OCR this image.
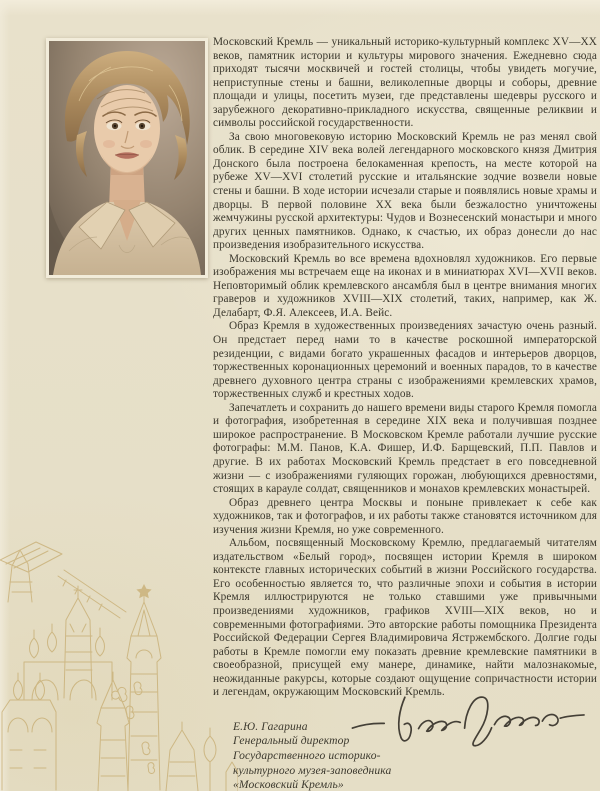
Московский Кремль — уникальный историко-культурный комплекс XV—XX веков, памятник истории и культуры мирового значения. Ежедневно сюда приходят тысячи москвичей и гостей столицы, чтобы увидеть могучие, неприступные стены и башни, великолепные дворцы и соборы, древние площади и улицы, посетить музеи, где представлены шедевры русского и зарубежного декоративно-прикладного искусства, священные реликвии и символы российской государственности.

За свою многовековую историю Московский Кремль не раз менял свой облик. В середине XIV века волей легендарного московского князя Дмитрия Донского была построена белокаменная крепость, на месте которой на рубеже XV—XVI столетий русские и итальянские зодчие возвели новые стены и башни. В ходе истории исчезали старые и появлялись новые храмы и дворцы. В первой половине XX века были безжалостно уничтожены жемчужины русской архитектуры: Чудов и Вознесенский монастыри и много других ценных памятников. Однако, к счастью, их образ донесли до нас произведения изобразительного искусства.

Московский Кремль во все времена вдохновлял художников. Его первые изображения мы встречаем еще на иконах и в миниатюрах XVI—XVII веков. Неповторимый облик кремлевского ансамбля был в центре внимания многих граверов и художников XVIII—XIX столетий, таких, например, как Ж. Делабарт, Ф.Я. Алексеев, И.А. Вейс.

Образ Кремля в художественных произведениях зачастую очень разный. Он предстает перед нами то в качестве роскошной императорской резиденции, с видами богато украшенных фасадов и интерьеров дворцов, торжественных коронационных церемоний и военных парадов, то в качестве древнего духовного центра страны с изображениями кремлевских храмов, торжественных служб и крестных ходов.

Запечатлеть и сохранить до нашего времени виды старого Кремля помогла и фотография, изобретенная в середине XIX века и получившая позднее широкое распространение. В Московском Кремле работали лучшие русские фотографы: М.М. Панов, К.А. Фишер, И.Ф. Барщевский, П.П. Павлов и другие. В их работах Московский Кремль предстает в его повседневной жизни — с изображениями гуляющих горожан, любующихся древностями, стоящих в карауле солдат, священников и монахов кремлевских монастырей.

Образ древнего центра Москвы и поныне привлекает к себе как художников, так и фотографов, и их работы также становятся источником для изучения жизни Кремля, но уже современного.

Альбом, посвященный Московскому Кремлю, предлагаемый читателям издательством «Белый город», посвящен истории Кремля в широком контексте главных исторических событий в жизни Российского государства. Его особенностью является то, что различные эпохи и события в истории Кремля иллюстрируются не только ставшими уже привычными произведениями художников, графиков XVIII—XIX веков, но и современными фотографиями. Это авторские работы помощника Президента Российской Федерации Сергея Владимировича Ястржембского. Долгие годы работы в Кремле помогли ему показать древние кремлевские памятники в своеобразной, присущей ему манере, динамике, найти малознакомые, неожиданные ракурсы, которые создают ощущение сопричастности истории и легендам, окружающим Московский Кремль.

Е.Ю. Гагарина
Генеральный директор
Государственного историко-
культурного музея-заповедника
«Московский Кремль»
